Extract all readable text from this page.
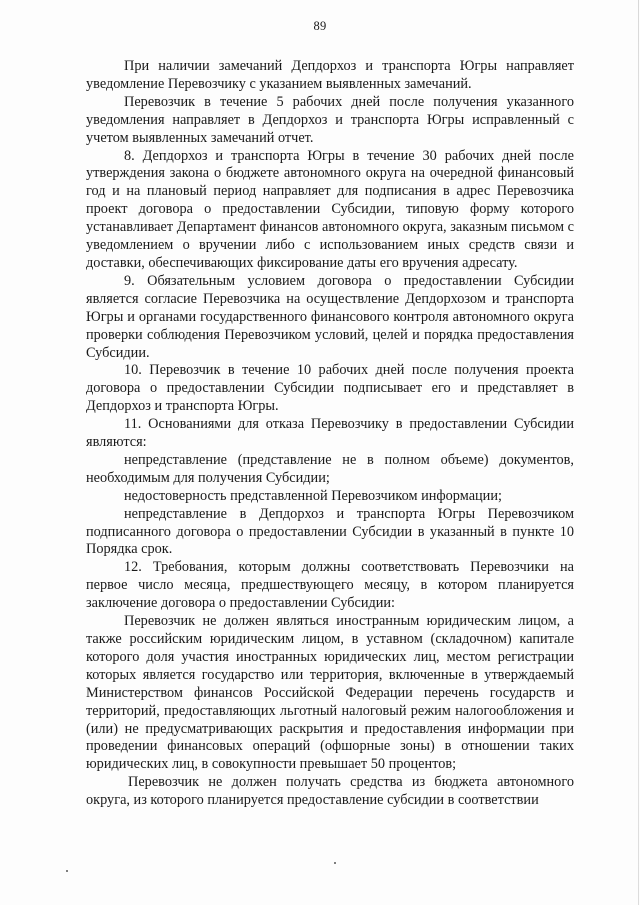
89

При наличии замечаний Депдорхоз и транспорта Югры направляет уведомление Перевозчику с указанием выявленных замечаний.

Перевозчик в течение 5 рабочих дней после получения указанного уведомления направляет в Депдорхоз и транспорта Югры исправленный с учетом выявленных замечаний отчет.

8. Депдорхоз и транспорта Югры в течение 30 рабочих дней после утверждения закона о бюджете автономного округа на очередной финансовый год и на плановый период направляет для подписания в адрес Перевозчика проект договора о предоставлении Субсидии, типовую форму которого устанавливает Департамент финансов автономного округа, заказным письмом с уведомлением о вручении либо с использованием иных средств связи и доставки, обеспечивающих фиксирование даты его вручения адресату.

9. Обязательным условием договора о предоставлении Субсидии является согласие Перевозчика на осуществление Депдорхозом и транспорта Югры и органами государственного финансового контроля автономного округа проверки соблюдения Перевозчиком условий, целей и порядка предоставления Субсидии.

10. Перевозчик в течение 10 рабочих дней после получения проекта договора о предоставлении Субсидии подписывает его и представляет в Депдорхоз и транспорта Югры.

11. Основаниями для отказа Перевозчику в предоставлении Субсидии являются:

непредставление (представление не в полном объеме) документов, необходимым для получения Субсидии;

недостоверность представленной Перевозчиком информации;

непредставление в Депдорхоз и транспорта Югры Перевозчиком подписанного договора о предоставлении Субсидии в указанный в пункте 10 Порядка срок.

12. Требования, которым должны соответствовать Перевозчики на первое число месяца, предшествующего месяцу, в котором планируется заключение договора о предоставлении Субсидии:

Перевозчик не должен являться иностранным юридическим лицом, а также российским юридическим лицом, в уставном (складочном) капитале которого доля участия иностранных юридических лиц, местом регистрации которых является государство или территория, включенные в утверждаемый Министерством финансов Российской Федерации перечень государств и территорий, предоставляющих льготный налоговый режим налогообложения и (или) не предусматривающих раскрытия и предоставления информации при проведении финансовых операций (офшорные зоны) в отношении таких юридических лиц, в совокупности превышает 50 процентов;

Перевозчик не должен получать средства из бюджета автономного округа, из которого планируется предоставление субсидии в соответствии
